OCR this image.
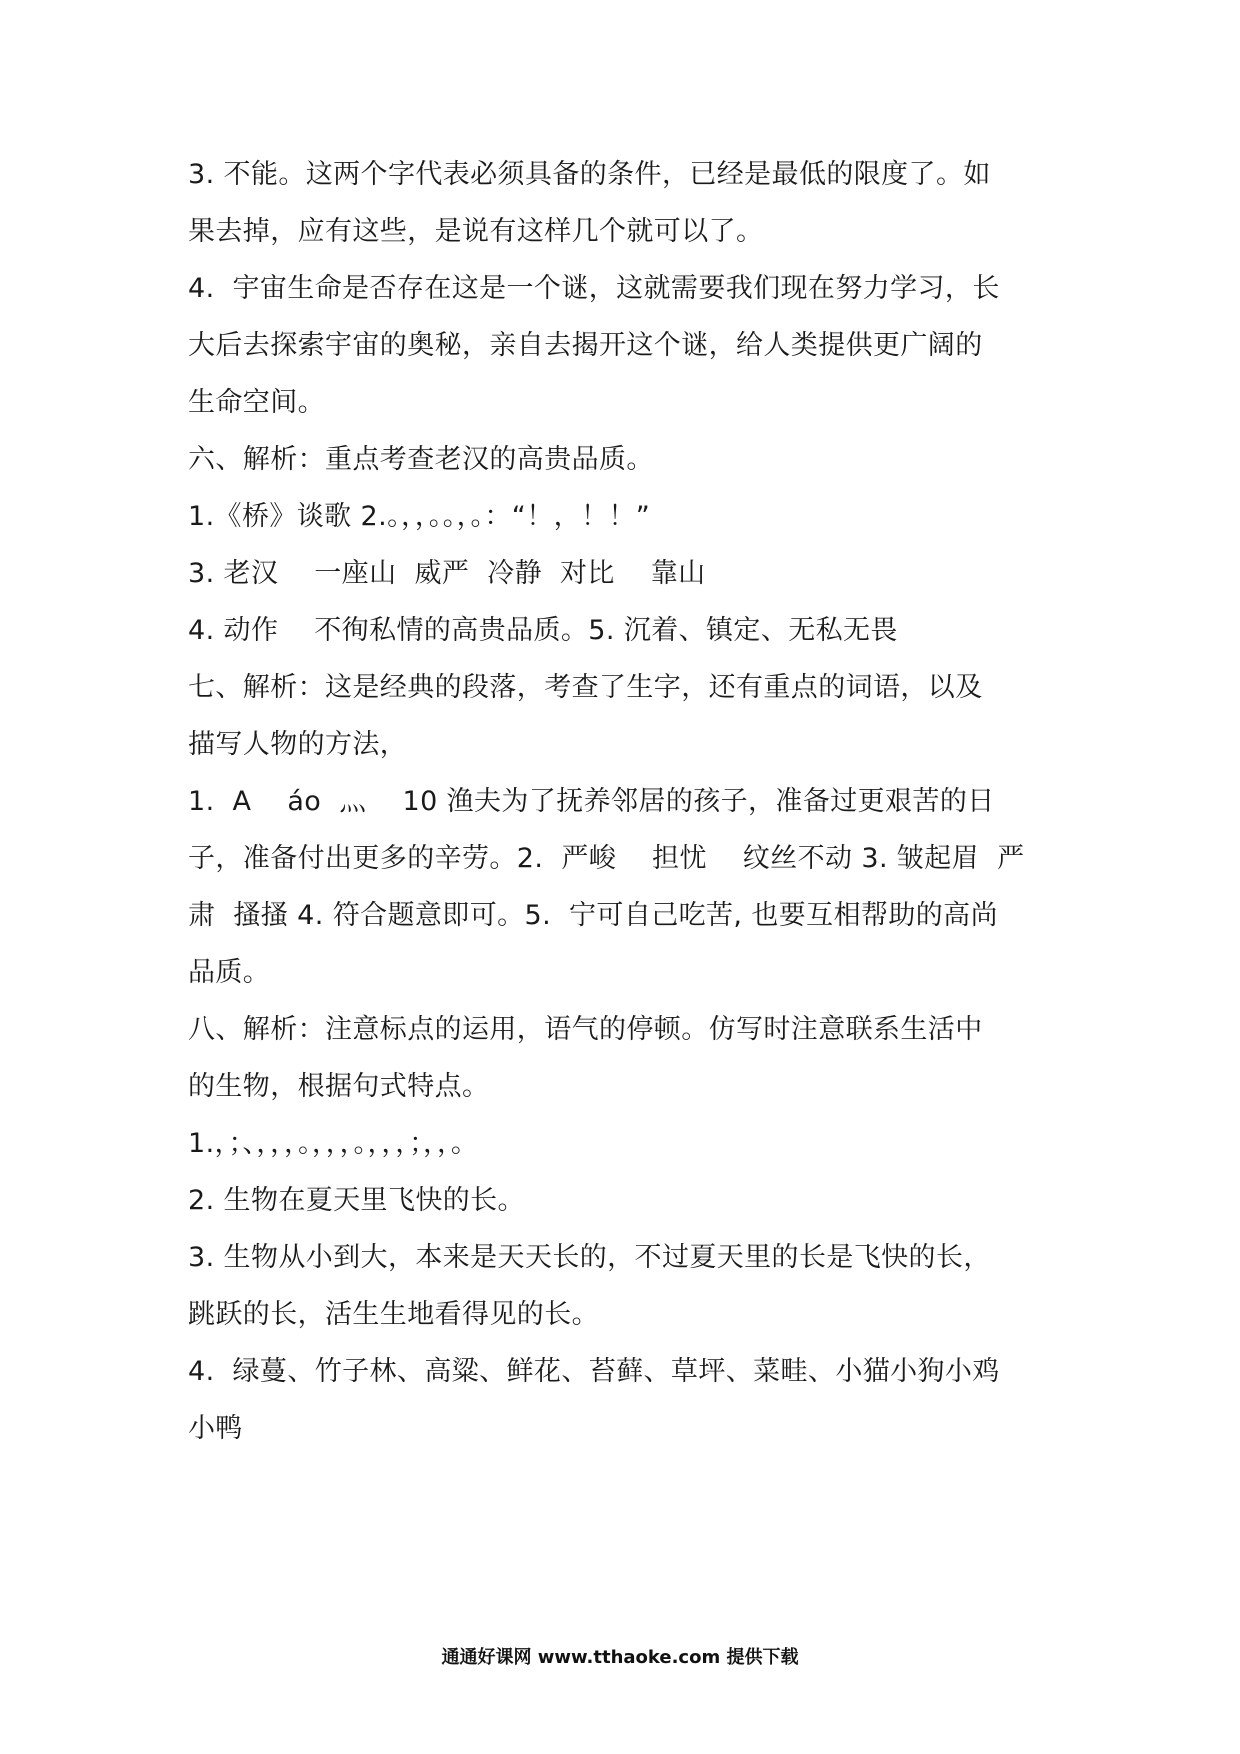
3. 不能。这两个字代表必须具备的条件，已经是最低的限度了。如
果去掉，应有这些，是说有这样几个就可以了。
4.  宇宙生命是否存在这是一个谜，这就需要我们现在努力学习，长
大后去探索宇宙的奥秘，亲自去揭开这个谜，给人类提供更广阔的
生命空间。
六、解析：重点考查老汉的高贵品质。
1.《桥》谈歌 2.。，，。。，。：“！，！！”
3. 老汉    一座山  威严  冷静  对比    靠山
4. 动作    不徇私情的高贵品质。5. 沉着、镇定、无私无畏
七、解析：这是经典的段落，考查了生字，还有重点的词语，以及
描写人物的方法，
1.  A    áo  灬    10 渔夫为了抚养邻居的孩子，准备过更艰苦的日
子，准备付出更多的辛劳。2.  严峻    担忧    纹丝不动 3. 皱起眉  严
肃  搔搔 4. 符合题意即可。5.  宁可自己吃苦, 也要互相帮助的高尚
品质。
八、解析：注意标点的运用，语气的停顿。仿写时注意联系生活中
的生物，根据句式特点。
1.，；、，，，。，，，。，，，；，，。
2. 生物在夏天里飞快的长。
3. 生物从小到大，本来是天天长的，不过夏天里的长是飞快的长，
跳跃的长，活生生地看得见的长。
4.  绿蔓、竹子林、高粱、鲜花、苔藓、草坪、菜畦、小猫小狗小鸡
小鸭
通通好课网 www.tthaoke.com 提供下载
